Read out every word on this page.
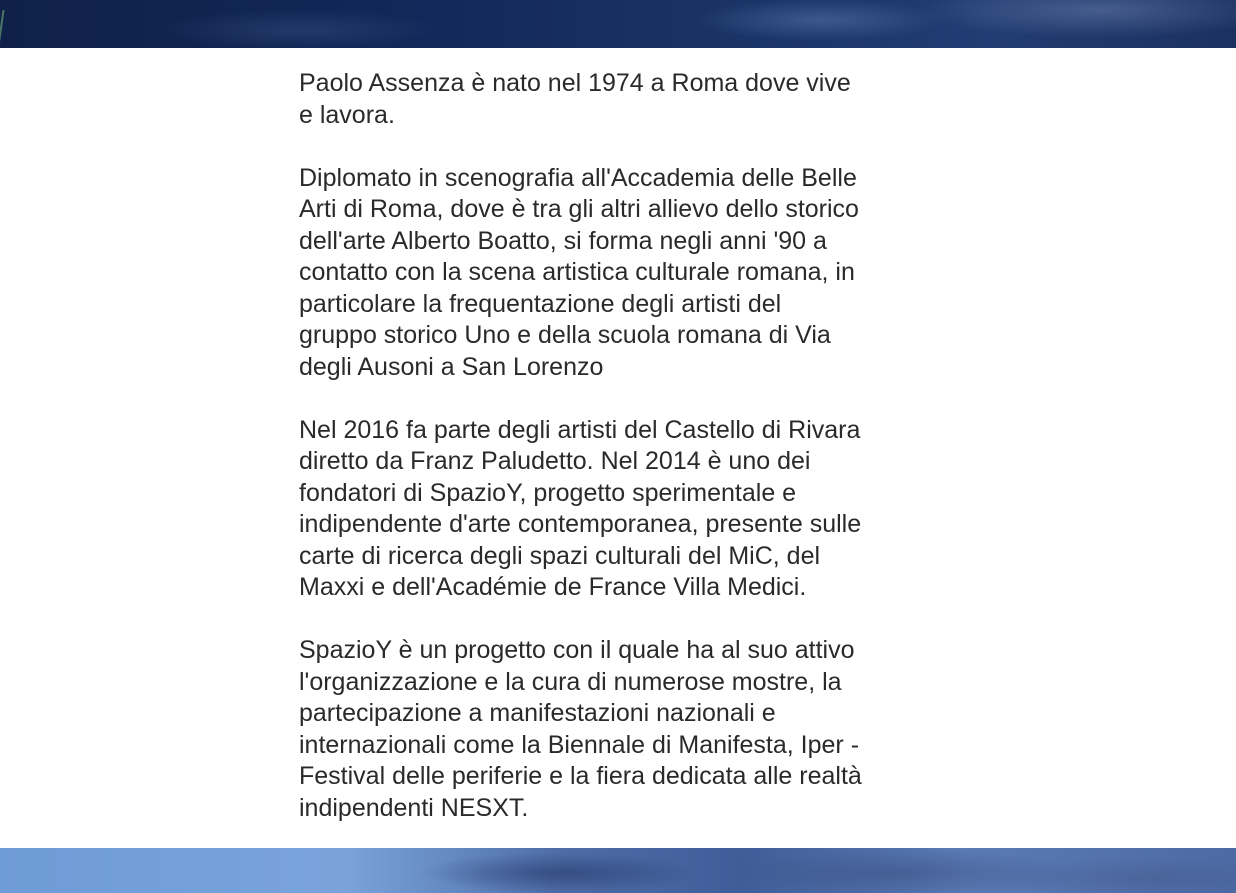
Paolo Assenza è nato nel 1974 a Roma dove vive
e lavora.

Diplomato in scenografia all'Accademia delle Belle
Arti di Roma, dove è tra gli altri allievo dello storico
dell'arte Alberto Boatto, si forma negli anni '90 a
contatto con la scena artistica culturale romana, in
particolare la frequentazione degli artisti del
gruppo storico Uno e della scuola romana di Via
degli Ausoni a San Lorenzo

Nel 2016 fa parte degli artisti del Castello di Rivara
diretto da Franz Paludetto. Nel 2014 è uno dei
fondatori di SpazioY, progetto sperimentale e
indipendente d'arte contemporanea, presente sulle
carte di ricerca degli spazi culturali del MiC, del
Maxxi e dell'Académie de France Villa Medici.

SpazioY è un progetto con il quale ha al suo attivo
l'organizzazione e la cura di numerose mostre, la
partecipazione a manifestazioni nazionali e
internazionali come la Biennale di Manifesta, Iper -
Festival delle periferie e la fiera dedicata alle realtà
indipendenti NESXT.
